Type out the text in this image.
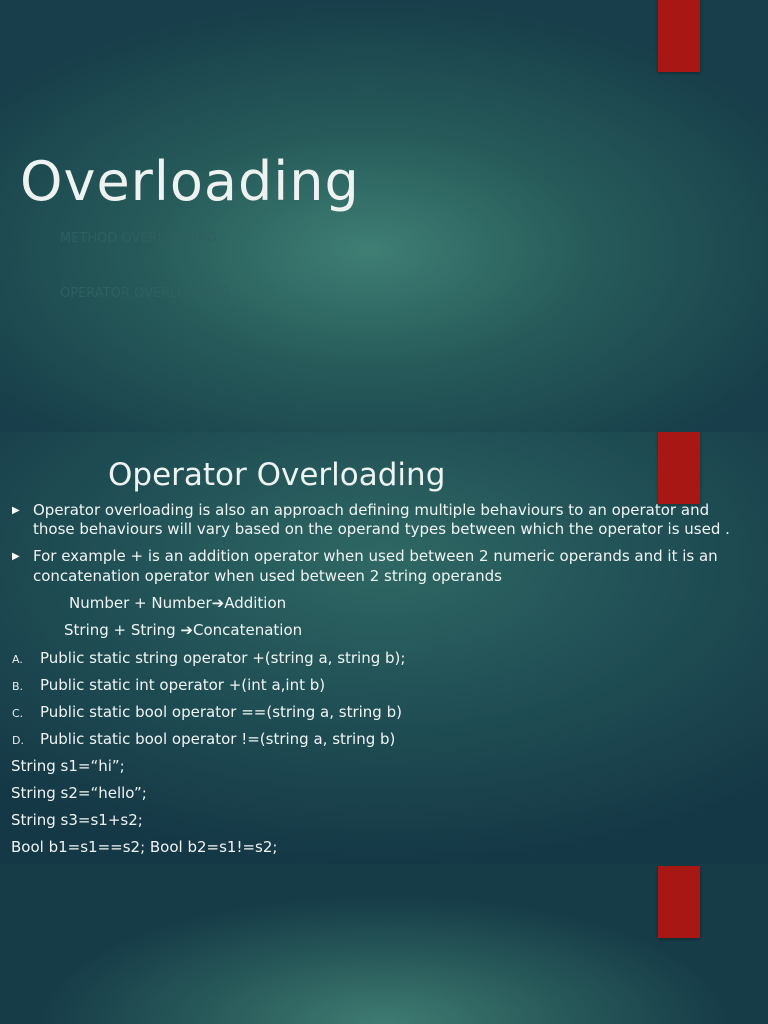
Overloading
METHOD OVERLOADING
OPERATOR OVERLOADING
Operator Overloading
▶ Operator overloading is also an approach defining multiple behaviours to an operator and
those behaviours will vary based on the operand types between which the operator is used .
▶ For example + is an addition operator when used between 2 numeric operands and it is an
concatenation operator when used between 2 string operands
Number + Number➔Addition
String + String ➔Concatenation
A. Public static string operator +(string a, string b);
B. Public static int operator +(int a,int b)
C. Public static bool operator ==(string a, string b)
D. Public static bool operator !=(string a, string b)
String s1=“hi”;
String s2=“hello”;
String s3=s1+s2;
Bool b1=s1==s2; Bool b2=s1!=s2;
